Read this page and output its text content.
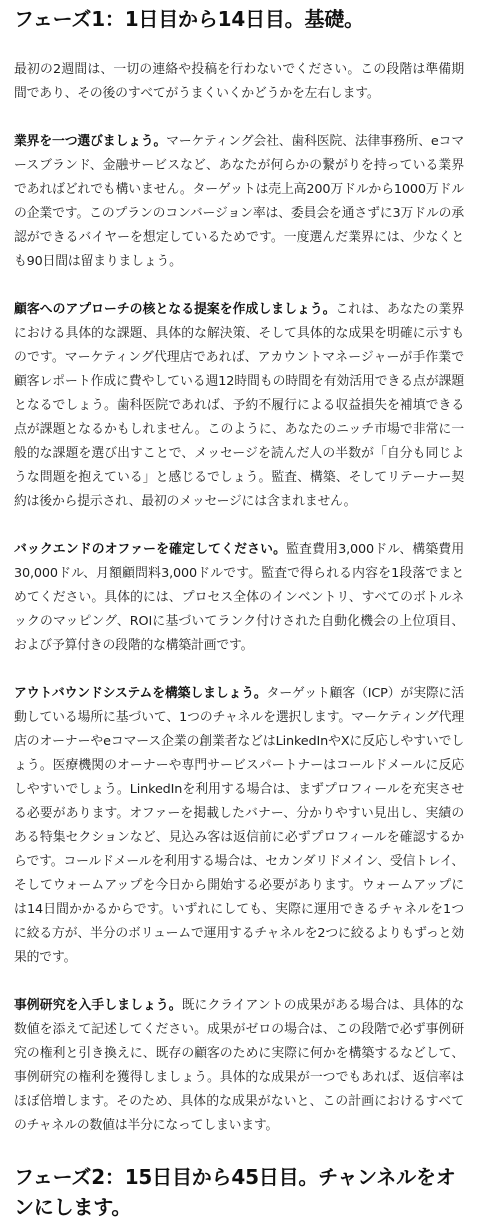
フェーズ1：1日目から14日目。基礎。

最初の2週間は、一切の連絡や投稿を行わないでください。この段階は準備期間であり、その後のすべてがうまくいくかどうかを左右します。

業界を一つ選びましょう。マーケティング会社、歯科医院、法律事務所、eコマースブランド、金融サービスなど、あなたが何らかの繋がりを持っている業界であればどれでも構いません。ターゲットは売上高200万ドルから1000万ドルの企業です。このプランのコンバージョン率は、委員会を通さずに3万ドルの承認ができるバイヤーを想定しているためです。一度選んだ業界には、少なくとも90日間は留まりましょう。

顧客へのアプローチの核となる提案を作成しましょう。これは、あなたの業界における具体的な課題、具体的な解決策、そして具体的な成果を明確に示すものです。マーケティング代理店であれば、アカウントマネージャーが手作業で顧客レポート作成に費やしている週12時間もの時間を有効活用できる点が課題となるでしょう。歯科医院であれば、予約不履行による収益損失を補填できる点が課題となるかもしれません。このように、あなたのニッチ市場で非常に一般的な課題を選び出すことで、メッセージを読んだ人の半数が「自分も同じような問題を抱えている」と感じるでしょう。監査、構築、そしてリテーナー契約は後から提示され、最初のメッセージには含まれません。

バックエンドのオファーを確定してください。監査費用3,000ドル、構築費用30,000ドル、月額顧問料3,000ドルです。監査で得られる内容を1段落でまとめてください。具体的には、プロセス全体のインベントリ、すべてのボトルネックのマッピング、ROIに基づいてランク付けされた自動化機会の上位項目、および予算付きの段階的な構築計画です。

アウトバウンドシステムを構築しましょう。ターゲット顧客（ICP）が実際に活動している場所に基づいて、1つのチャネルを選択します。マーケティング代理店のオーナーやeコマース企業の創業者などはLinkedInやXに反応しやすいでしょう。医療機関のオーナーや専門サービスパートナーはコールドメールに反応しやすいでしょう。LinkedInを利用する場合は、まずプロフィールを充実させる必要があります。オファーを掲載したバナー、分かりやすい見出し、実績のある特集セクションなど、見込み客は返信前に必ずプロフィールを確認するからです。コールドメールを利用する場合は、セカンダリドメイン、受信トレイ、そしてウォームアップを今日から開始する必要があります。ウォームアップには14日間かかるからです。いずれにしても、実際に運用できるチャネルを1つに絞る方が、半分のボリュームで運用するチャネルを2つに絞るよりもずっと効果的です。

事例研究を入手しましょう。既にクライアントの成果がある場合は、具体的な数値を添えて記述してください。成果がゼロの場合は、この段階で必ず事例研究の権利と引き換えに、既存の顧客のために実際に何かを構築するなどして、事例研究の権利を獲得しましょう。具体的な成果が一つでもあれば、返信率はほぼ倍増します。そのため、具体的な成果がないと、この計画におけるすべてのチャネルの数値は半分になってしまいます。

フェーズ2：15日目から45日目。チャンネルをオンにします。
